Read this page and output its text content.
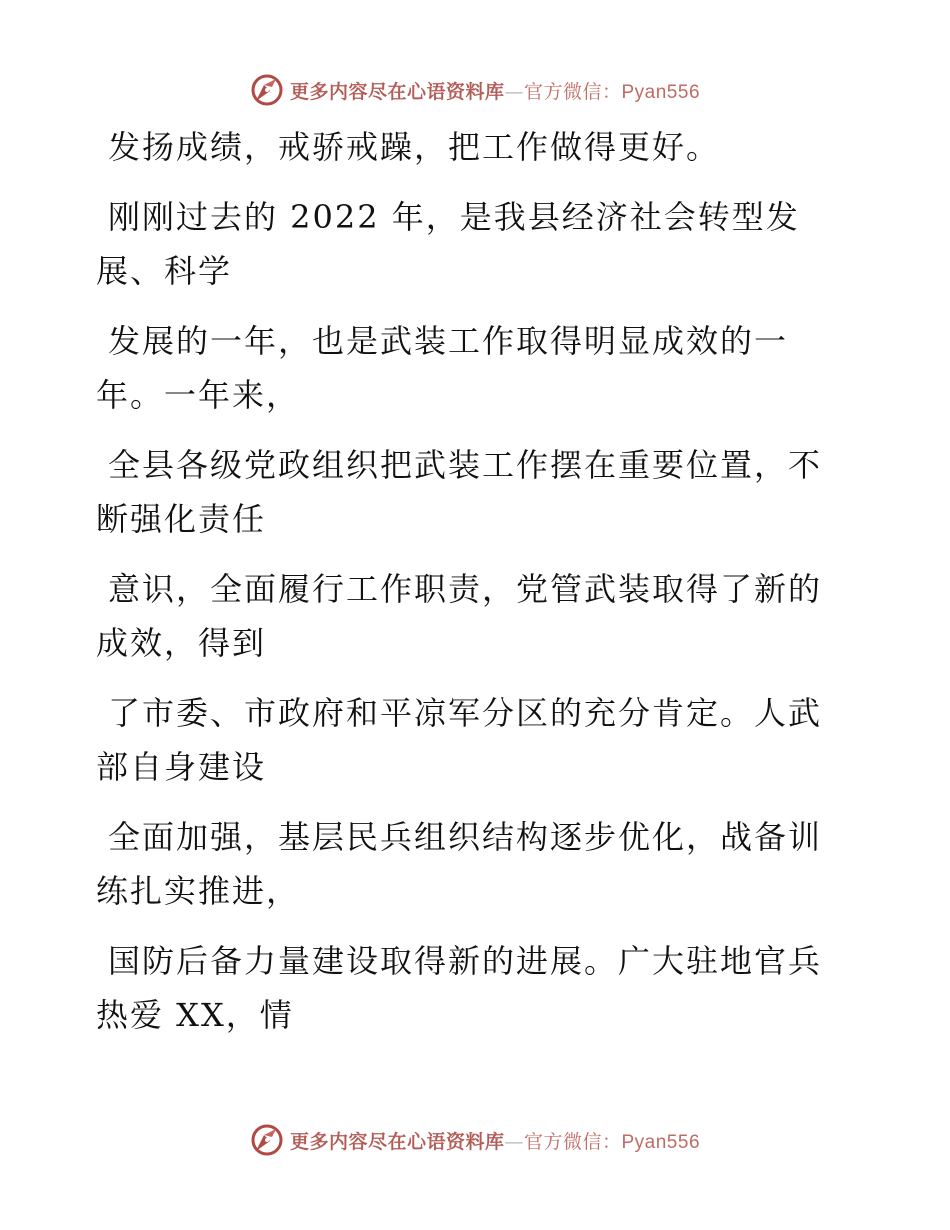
更多内容尽在心语资料库—官方微信：Pyan556
发扬成绩，戒骄戒躁，把工作做得更好。
刚刚过去的 2022 年，是我县经济社会转型发
展、科学
发展的一年，也是武装工作取得明显成效的一
年。一年来，
全县各级党政组织把武装工作摆在重要位置，不
断强化责任
意识，全面履行工作职责，党管武装取得了新的
成效，得到
了市委、市政府和平凉军分区的充分肯定。人武
部自身建设
全面加强，基层民兵组织结构逐步优化，战备训
练扎实推进，
国防后备力量建设取得新的进展。广大驻地官兵
热爱 XX，情
更多内容尽在心语资料库—官方微信：Pyan556
